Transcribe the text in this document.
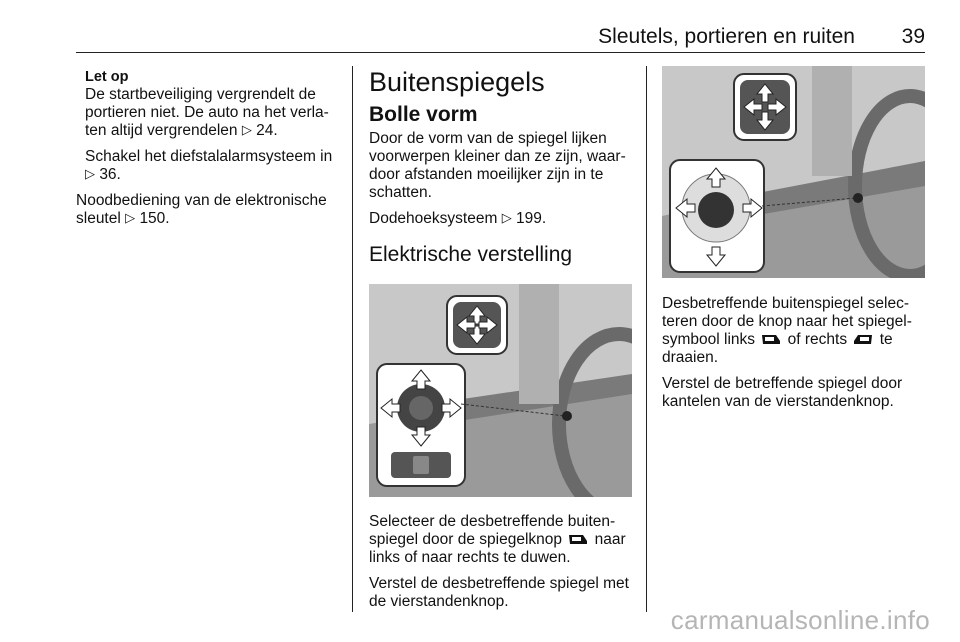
Sleutels, portieren en ruiten 39
Let op

De startbeveiliging vergrendelt de portieren niet. De auto na het verla-ten altijd vergrendelen ▷ 24.

Schakel het diefstalalarmsysteem in ▷ 36.

Noodbediening van de elektronische sleutel ▷ 150.

Buitenspiegels
Bolle vorm

Door de vorm van de spiegel lijken voorwerpen kleiner dan ze zijn, waar-door afstanden moeilijker zijn in te schatten.

Dodehoeksysteem ▷ 199.

Elektrische verstelling

Selecteer de desbetreffende buiten-spiegel door de spiegelknop naar links of naar rechts te duwen.

Verstel de desbetreffende spiegel met de vierstandenknop.

Desbetreffende buitenspiegel selec-teren door de knop naar het spiegel-symbool links of rechts te draaien.

Verstel de betreffende spiegel door kantelen van de vierstandenknop.

carmanualsonline.info
